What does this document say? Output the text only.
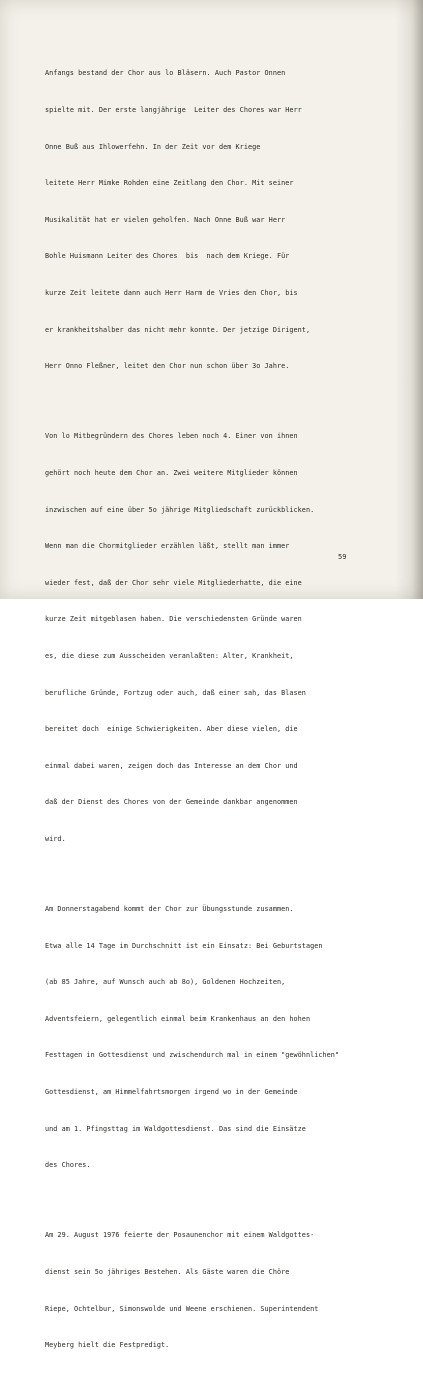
Anfangs bestand der Chor aus lo Bläsern. Auch Pastor Onnen

spielte mit. Der erste langjährige  Leiter des Chores war Herr

Onne Buß aus Ihlowerfehn. In der Zeit vor dem Kriege

leitete Herr Mimke Rohden eine Zeitlang den Chor. Mit seiner

Musikalität hat er vielen geholfen. Nach Onne Buß war Herr

Bohle Huismann Leiter des Chores  bis  nach dem Kriege. Für

kurze Zeit leitete dann auch Herr Harm de Vries den Chor, bis

er krankheitshalber das nicht mehr konnte. Der jetzige Dirigent,

Herr Onno Fleßner, leitet den Chor nun schon über 3o Jahre.

Von lo Mitbegründern des Chores leben noch 4. Einer von ihnen

gehört noch heute dem Chor an. Zwei weitere Mitglieder können

inzwischen auf eine über 5o jährige Mitgliedschaft zurückblicken.

Wenn man die Chormitglieder erzählen läßt, stellt man immer

wieder fest, daß der Chor sehr viele Mitgliederhatte, die eine

kurze Zeit mitgeblasen haben. Die verschiedensten Gründe waren

es, die diese zum Ausscheiden veranlaßten: Alter, Krankheit,

berufliche Gründe, Fortzug oder auch, daß einer sah, das Blasen

bereitet doch  einige Schwierigkeiten. Aber diese vielen, die

einmal dabei waren, zeigen doch das Interesse an dem Chor und

daß der Dienst des Chores von der Gemeinde dankbar angenommen

wird.

Am Donnerstagabend kommt der Chor zur Übungsstunde zusammen.

Etwa alle 14 Tage im Durchschnitt ist ein Einsatz: Bei Geburtstagen

(ab 85 Jahre, auf Wunsch auch ab 8o), Goldenen Hochzeiten,

Adventsfeiern, gelegentlich einmal beim Krankenhaus an den hohen

Festtagen in Gottesdienst und zwischendurch mal in einem "gewöhnlichen"

Gottesdienst, am Himmelfahrtsmorgen irgend wo in der Gemeinde

und am 1. Pfingsttag im Waldgottesdienst. Das sind die Einsätze

des Chores.

Am 29. August 1976 feierte der Posaunenchor mit einem Waldgottes-

dienst sein 5o jähriges Bestehen. Als Gäste waren die Chöre

Riepe, Ochtelbur, Simonswolde und Weene erschienen. Superintendent

Meyberg hielt die Festpredigt.

59
